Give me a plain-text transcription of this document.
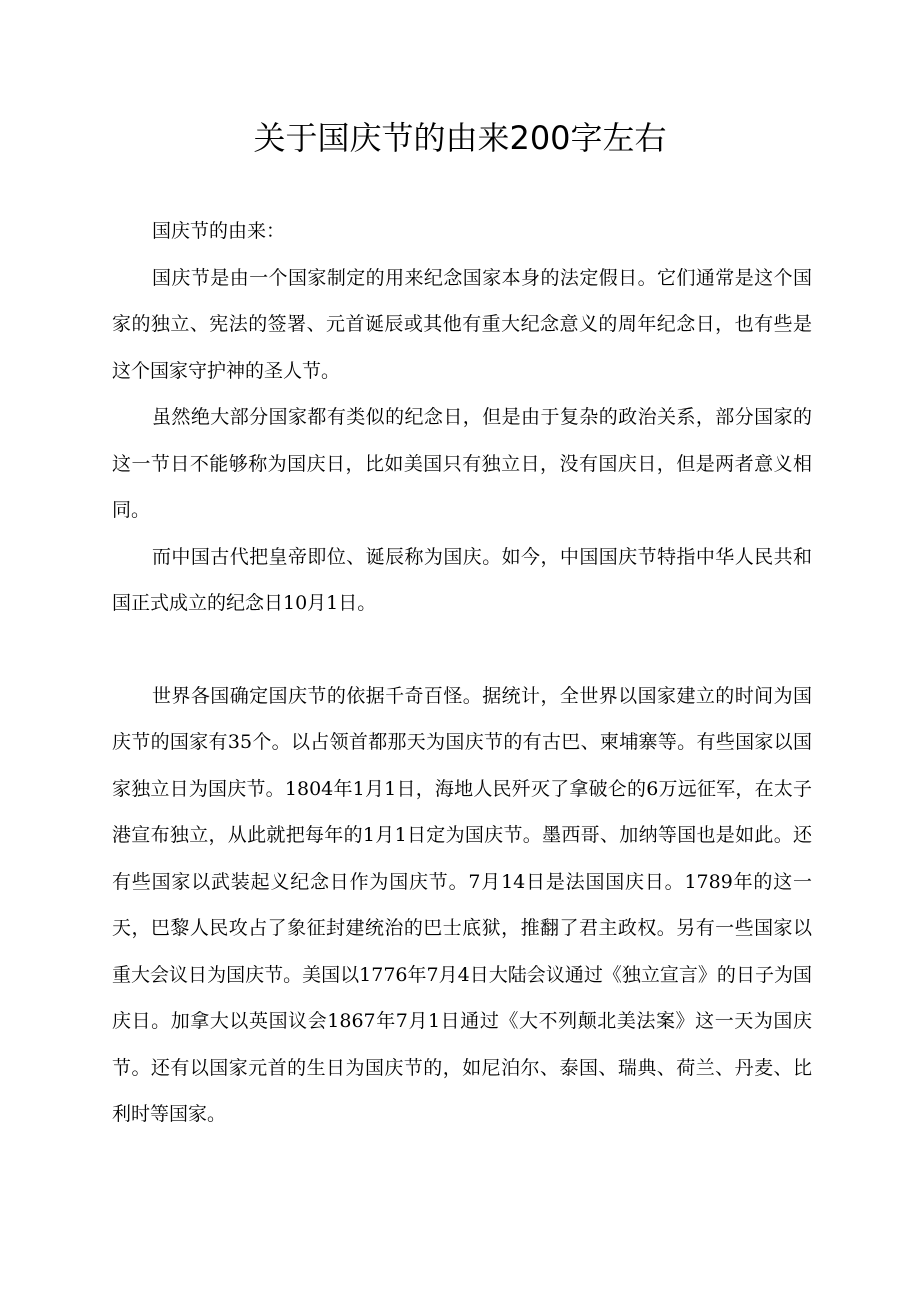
关于国庆节的由来200字左右

国庆节的由来：

国庆节是由一个国家制定的用来纪念国家本身的法定假日。它们通常是这个国家的独立、宪法的签署、元首诞辰或其他有重大纪念意义的周年纪念日，也有些是这个国家守护神的圣人节。

虽然绝大部分国家都有类似的纪念日，但是由于复杂的政治关系，部分国家的这一节日不能够称为国庆日，比如美国只有独立日，没有国庆日，但是两者意义相同。

而中国古代把皇帝即位、诞辰称为国庆。如今，中国国庆节特指中华人民共和国正式成立的纪念日10月1日。

世界各国确定国庆节的依据千奇百怪。据统计，全世界以国家建立的时间为国庆节的国家有35个。以占领首都那天为国庆节的有古巴、柬埔寨等。有些国家以国家独立日为国庆节。1804年1月1日，海地人民歼灭了拿破仑的6万远征军，在太子港宣布独立，从此就把每年的1月1日定为国庆节。墨西哥、加纳等国也是如此。还有些国家以武装起义纪念日作为国庆节。7月14日是法国国庆日。1789年的这一天，巴黎人民攻占了象征封建统治的巴士底狱，推翻了君主政权。另有一些国家以重大会议日为国庆节。美国以1776年7月4日大陆会议通过《独立宣言》的日子为国庆日。加拿大以英国议会1867年7月1日通过《大不列颠北美法案》这一天为国庆节。还有以国家元首的生日为国庆节的，如尼泊尔、泰国、瑞典、荷兰、丹麦、比利时等国家。
